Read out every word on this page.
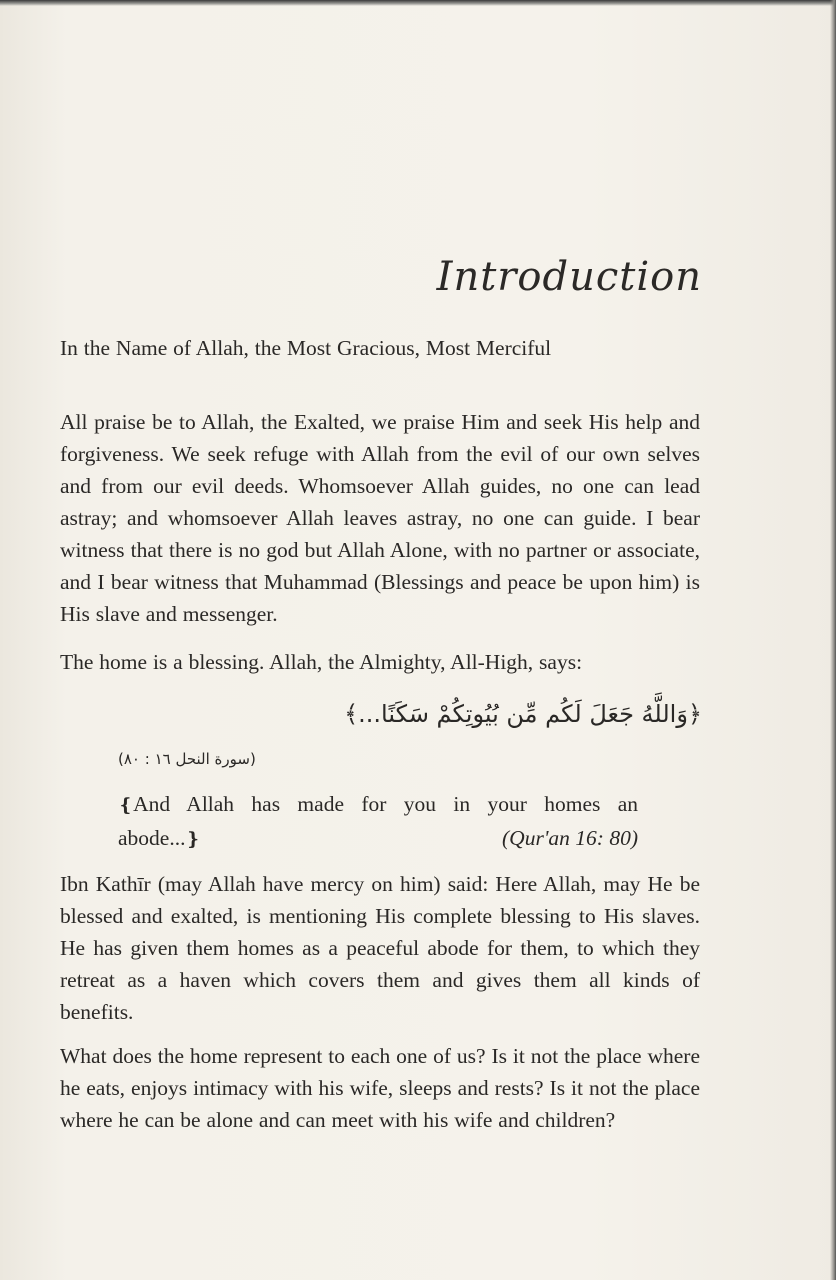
Introduction
In the Name of Allah, the Most Gracious, Most Merciful
All praise be to Allah, the Exalted, we praise Him and seek His help and forgiveness. We seek refuge with Allah from the evil of our own selves and from our evil deeds. Whomsoever Allah guides, no one can lead astray; and whomsoever Allah leaves astray, no one can guide. I bear witness that there is no god but Allah Alone, with no partner or associate, and I bear witness that Muhammad (Blessings and peace be upon him) is His slave and messenger.
The home is a blessing. Allah, the Almighty, All-High, says:
﴿وَاللَّهُ جَعَلَ لَكُم مِّن بُيُوتِكُمْ سَكَنًا...﴾
(سورة النحل ١٦ : ٨٠)
❴And Allah has made for you in your homes an
abode...❵	(Qur'an 16: 80)
Ibn Kathīr (may Allah have mercy on him) said: Here Allah, may He be blessed and exalted, is mentioning His complete blessing to His slaves. He has given them homes as a peaceful abode for them, to which they retreat as a haven which covers them and gives them all kinds of benefits.
What does the home represent to each one of us? Is it not the place where he eats, enjoys intimacy with his wife, sleeps and rests? Is it not the place where he can be alone and can meet with his wife and children?
